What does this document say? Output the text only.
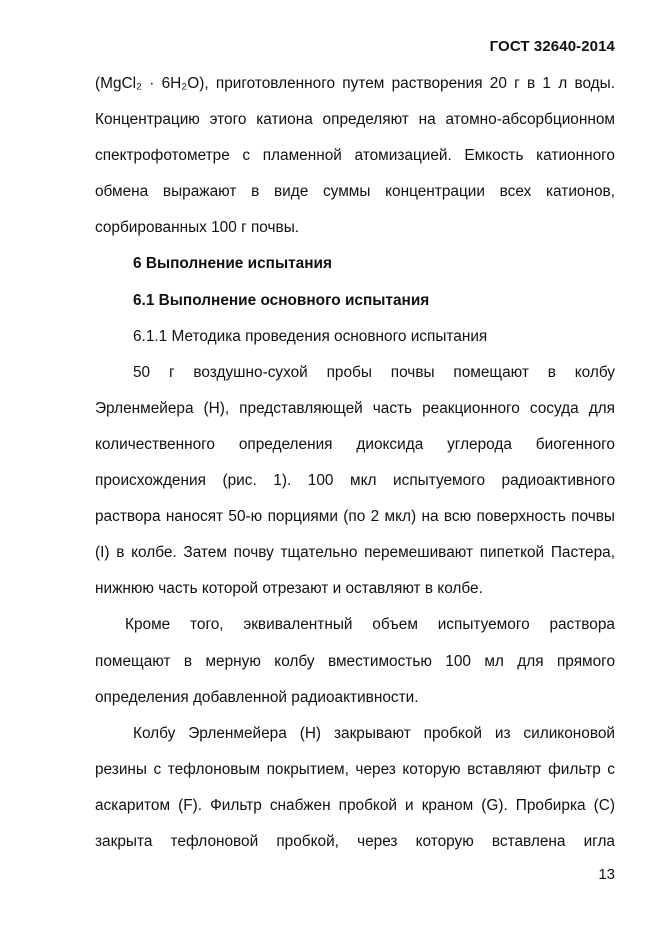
ГОСТ 32640-2014
(MgCl₂ · 6H₂O), приготовленного путем растворения 20 г в 1 л воды.
Концентрацию этого катиона определяют на атомно-абсорбционном
спектрофотометре с пламенной атомизацией. Емкость катионного
обмена выражают в виде суммы концентрации всех катионов,
сорбированных 100 г почвы.
6 Выполнение испытания
6.1 Выполнение основного испытания
6.1.1 Методика проведения основного испытания
50 г воздушно-сухой пробы почвы помещают в колбу
Эрленмейера (Н), представляющей часть реакционного сосуда для
количественного определения диоксида углерода биогенного
происхождения (рис. 1). 100 мкл испытуемого радиоактивного
раствора наносят 50-ю порциями (по 2 мкл) на всю поверхность почвы
(I) в колбе. Затем почву тщательно перемешивают пипеткой Пастера,
нижнюю часть которой отрезают и оставляют в колбе.
Кроме того, эквивалентный объем испытуемого раствора
помещают в мерную колбу вместимостью 100 мл для прямого
определения добавленной радиоактивности.
Колбу Эрленмейера (Н) закрывают пробкой из силиконовой
резины с тефлоновым покрытием, через которую вставляют фильтр с
аскаритом (F). Фильтр снабжен пробкой и краном (G). Пробирка (С)
закрыта тефлоновой пробкой, через которую вставлена игла
13
